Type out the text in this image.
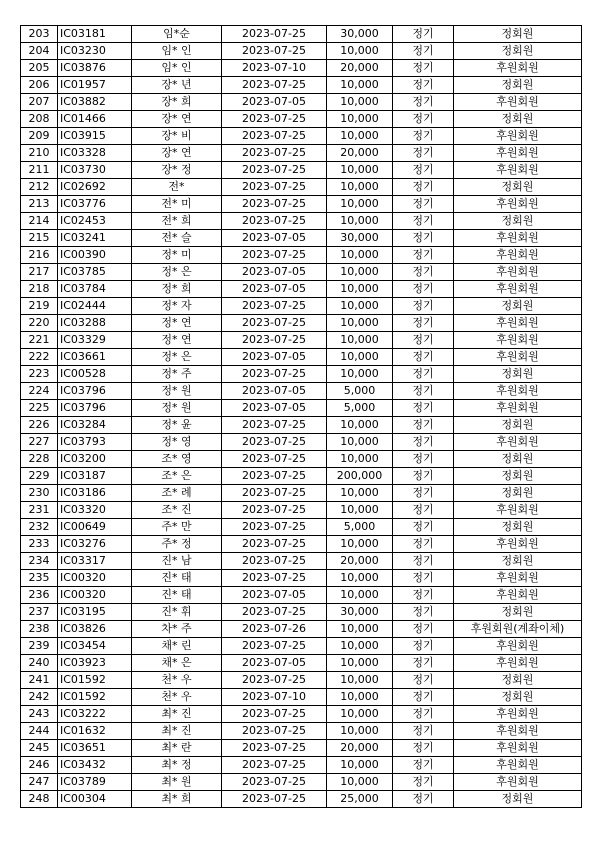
203	IC03181	임*순	2023-07-25	30,000	정기	정회원
204	IC03230	임* 인	2023-07-25	10,000	정기	정회원
205	IC03876	임* 인	2023-07-10	20,000	정기	후원회원
206	IC01957	장* 년	2023-07-25	10,000	정기	정회원
207	IC03882	장* 희	2023-07-05	10,000	정기	후원회원
208	IC01466	장* 연	2023-07-25	10,000	정기	정회원
209	IC03915	장* 비	2023-07-25	10,000	정기	후원회원
210	IC03328	장* 연	2023-07-25	20,000	정기	후원회원
211	IC03730	장* 정	2023-07-25	10,000	정기	후원회원
212	IC02692	전*	2023-07-25	10,000	정기	정회원
213	IC03776	전* 미	2023-07-25	10,000	정기	후원회원
214	IC02453	전* 희	2023-07-25	10,000	정기	정회원
215	IC03241	전* 슬	2023-07-05	30,000	정기	후원회원
216	IC00390	정* 미	2023-07-25	10,000	정기	후원회원
217	IC03785	정* 은	2023-07-05	10,000	정기	후원회원
218	IC03784	정* 희	2023-07-05	10,000	정기	후원회원
219	IC02444	정* 자	2023-07-25	10,000	정기	정회원
220	IC03288	정* 연	2023-07-25	10,000	정기	후원회원
221	IC03329	정* 연	2023-07-25	10,000	정기	후원회원
222	IC03661	정* 은	2023-07-05	10,000	정기	후원회원
223	IC00528	정* 주	2023-07-25	10,000	정기	정회원
224	IC03796	정* 원	2023-07-05	5,000	정기	후원회원
225	IC03796	정* 원	2023-07-05	5,000	정기	후원회원
226	IC03284	정* 윤	2023-07-25	10,000	정기	정회원
227	IC03793	정* 영	2023-07-25	10,000	정기	후원회원
228	IC03200	조* 영	2023-07-25	10,000	정기	정회원
229	IC03187	조* 은	2023-07-25	200,000	정기	정회원
230	IC03186	조* 례	2023-07-25	10,000	정기	정회원
231	IC03320	조* 진	2023-07-25	10,000	정기	후원회원
232	IC00649	주* 만	2023-07-25	5,000	정기	정회원
233	IC03276	주* 정	2023-07-25	10,000	정기	후원회원
234	IC03317	진* 남	2023-07-25	20,000	정기	정회원
235	IC00320	진* 태	2023-07-25	10,000	정기	후원회원
236	IC00320	진* 태	2023-07-05	10,000	정기	후원회원
237	IC03195	진* 휘	2023-07-25	30,000	정기	정회원
238	IC03826	차* 주	2023-07-26	10,000	정기	후원회원(계좌이체)
239	IC03454	채* 린	2023-07-25	10,000	정기	후원회원
240	IC03923	채* 은	2023-07-05	10,000	정기	후원회원
241	IC01592	천* 우	2023-07-25	10,000	정기	정회원
242	IC01592	천* 우	2023-07-10	10,000	정기	정회원
243	IC03222	최* 진	2023-07-25	10,000	정기	후원회원
244	IC01632	최* 진	2023-07-25	10,000	정기	후원회원
245	IC03651	최* 란	2023-07-25	20,000	정기	후원회원
246	IC03432	최* 정	2023-07-25	10,000	정기	후원회원
247	IC03789	최* 원	2023-07-25	10,000	정기	후원회원
248	IC00304	최* 희	2023-07-25	25,000	정기	정회원
